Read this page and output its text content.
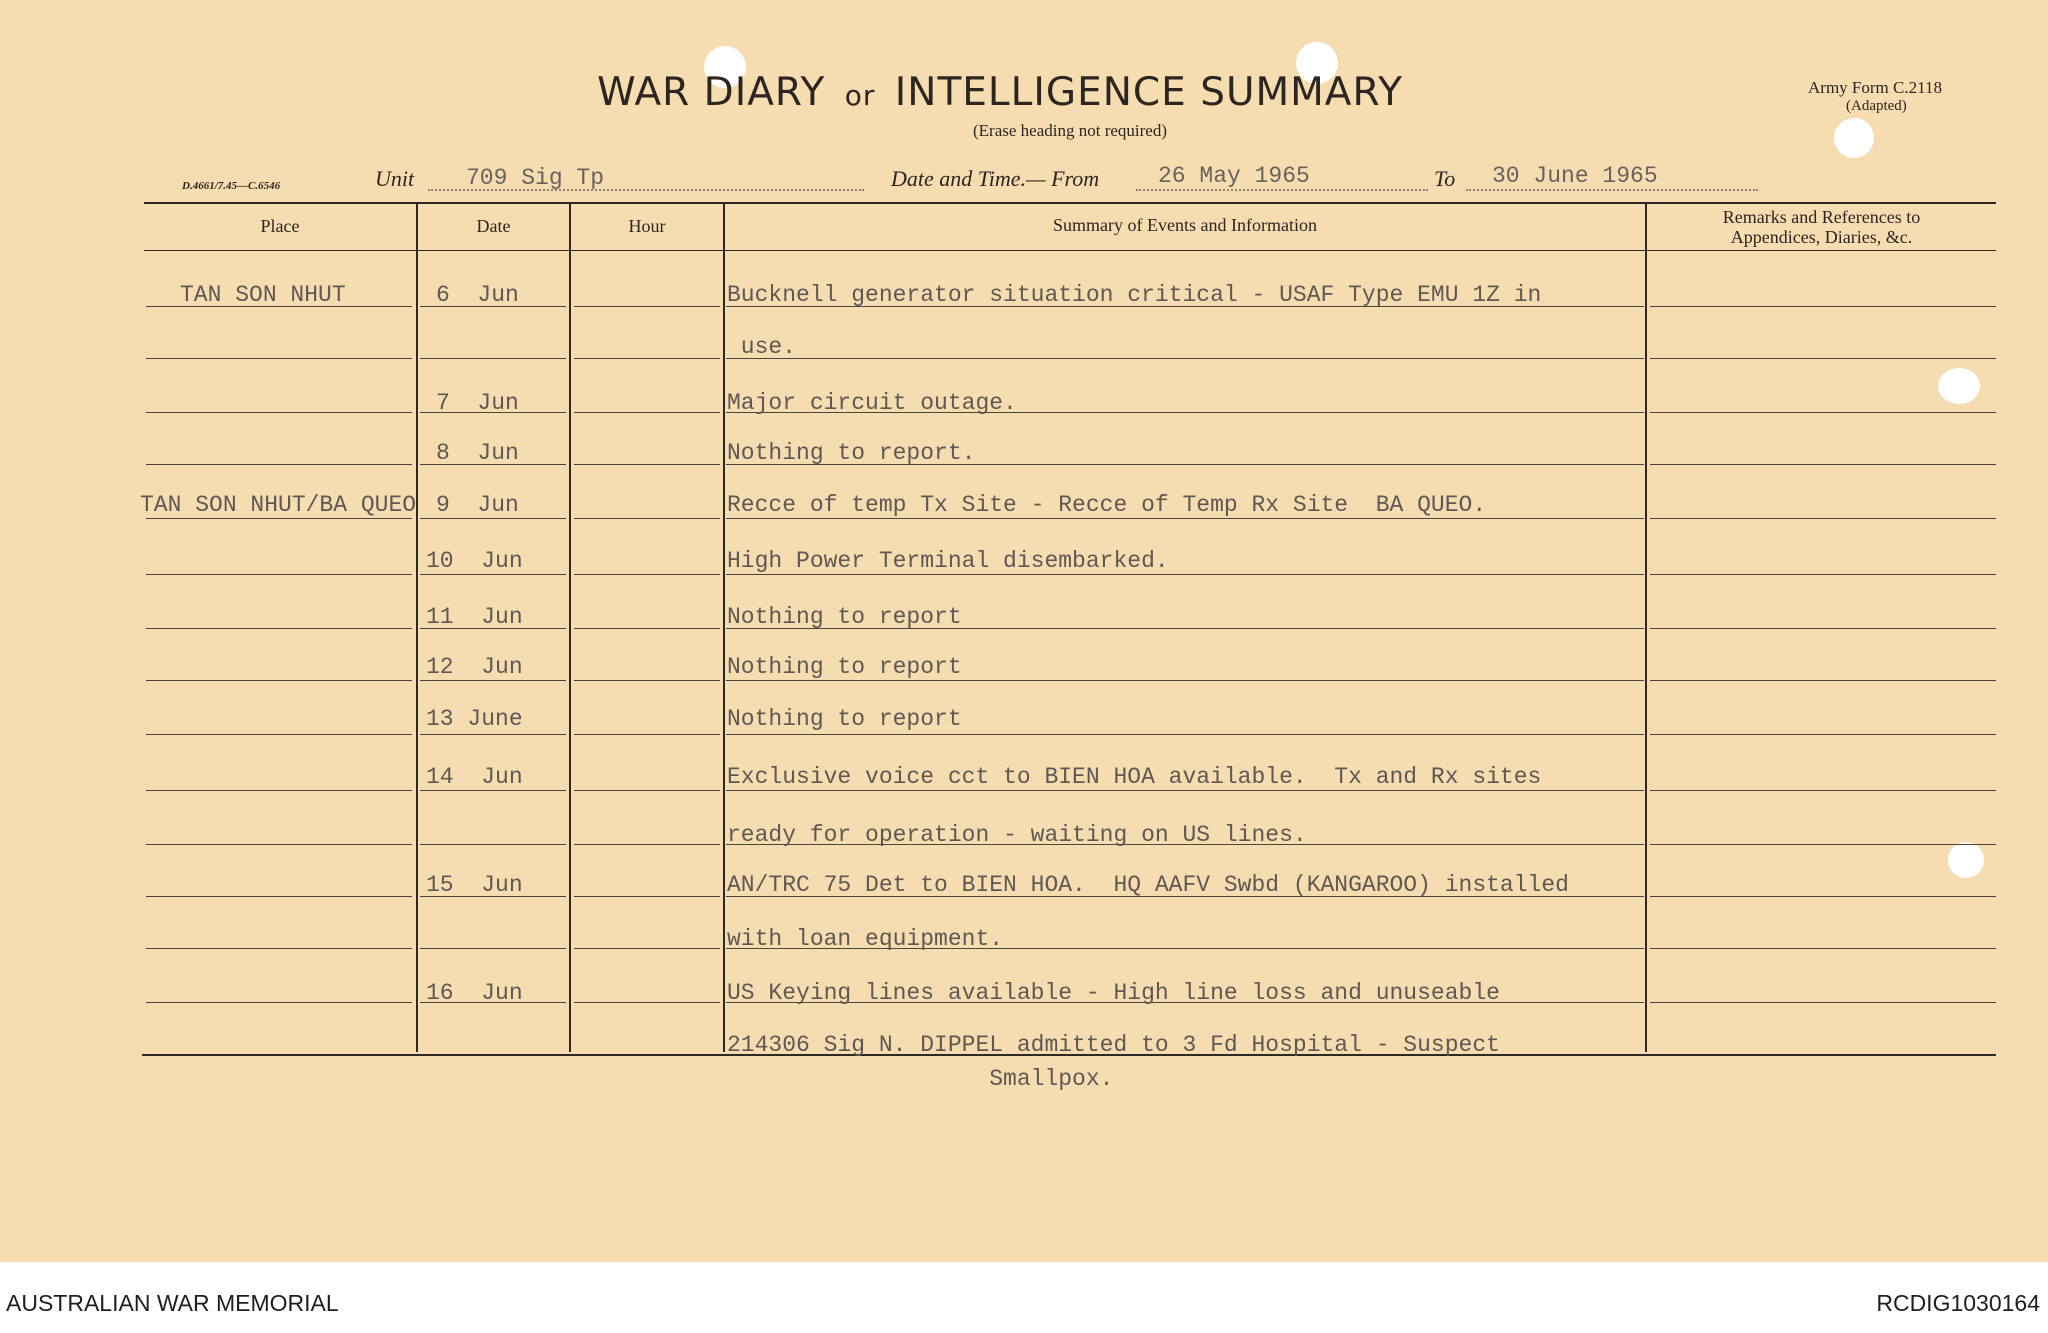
WAR DIARY or INTELLIGENCE SUMMARY
(Erase heading not required)
Army Form C.2118
(Adapted)
D.4661/7.45—C.6546	Unit 709 Sig Tp	Date and Time.— From	26 May 1965	To 30 June 1965
Place	Date	Hour	Summary of Events and Information	Remarks and References to
Appendices, Diaries, &c.
TAN SON NHUT	6  Jun	Bucknell generator situation critical - USAF Type EMU 1Z in
use.
7  Jun	Major circuit outage.
8  Jun	Nothing to report.
TAN SON NHUT/BA QUEO 9  Jun	Recce of temp Tx Site - Recce of Temp Rx Site  BA QUEO.
10  Jun	High Power Terminal disembarked.
11  Jun	Nothing to report
12  Jun	Nothing to report
13 June	Nothing to report
14  Jun	Exclusive voice cct to BIEN HOA available.  Tx and Rx sites
ready for operation - waiting on US lines.
15  Jun	AN/TRC 75 Det to BIEN HOA.  HQ AAFV Swbd (KANGAROO) installed
with loan equipment.
16  Jun	US Keying lines available - High line loss and unuseable
214306 Sig N. DIPPEL admitted to 3 Fd Hospital - Suspect
Smallpox.
AUSTRALIAN WAR MEMORIAL	RCDIG1030164
